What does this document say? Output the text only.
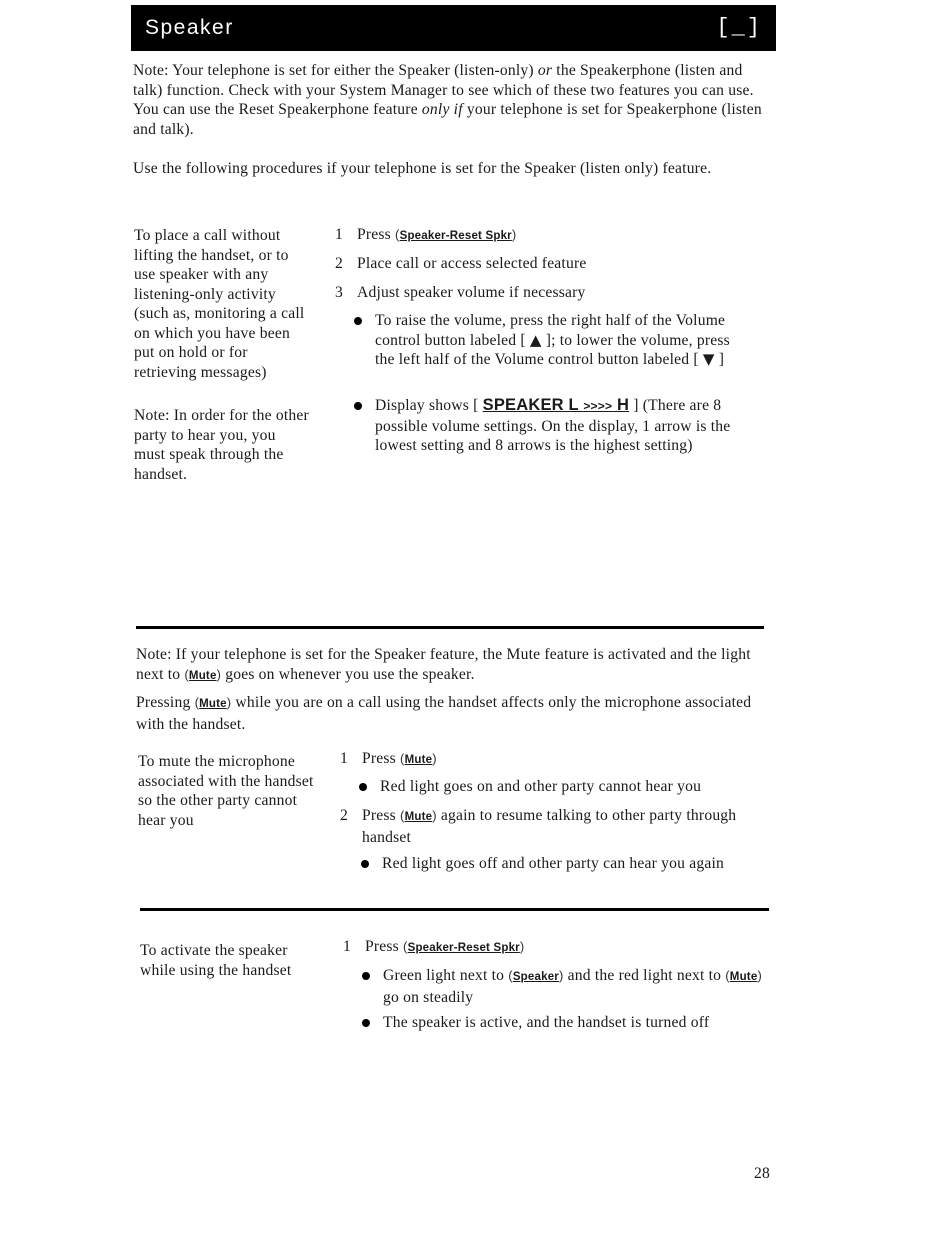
Speaker	[_]

Note: Your telephone is set for either the Speaker (listen-only) or the Speakerphone (listen and talk) function. Check with your System Manager to see which of these two features you can use. You can use the Reset Speakerphone feature only if your telephone is set for Speakerphone (listen and talk).

Use the following procedures if your telephone is set for the Speaker (listen only) feature.

To place a call without lifting the handset, or to use speaker with any listening-only activity (such as, monitoring a call on which you have been put on hold or for retrieving messages)

Note: In order for the other party to hear you, you must speak through the handset.

1 Press (Speaker-Reset Spkr)
2 Place call or access selected feature
3 Adjust speaker volume if necessary

To raise the volume, press the right half of the Volume control button labeled [ ▲ ]; to lower the volume, press the left half of the Volume control button labeled [ ▼ ]

Display shows [ SPEAKER L >>>> H ] (There are 8 possible volume settings. On the display, 1 arrow is the lowest setting and 8 arrows is the highest setting)

Note: If your telephone is set for the Speaker feature, the Mute feature is activated and the light next to (Mute) goes on whenever you use the speaker.

Pressing (Mute) while you are on a call using the handset affects only the microphone associated with the handset.

To mute the microphone associated with the handset so the other party cannot hear you

1 Press (Mute)

Red light goes on and other party cannot hear you

2 Press (Mute) again to resume talking to other party through handset

Red light goes off and other party can hear you again

To activate the speaker while using the handset

1 Press (Speaker-Reset Spkr)

Green light next to (Speaker) and the red light next to (Mute) go on steadily

The speaker is active, and the handset is turned off

28
